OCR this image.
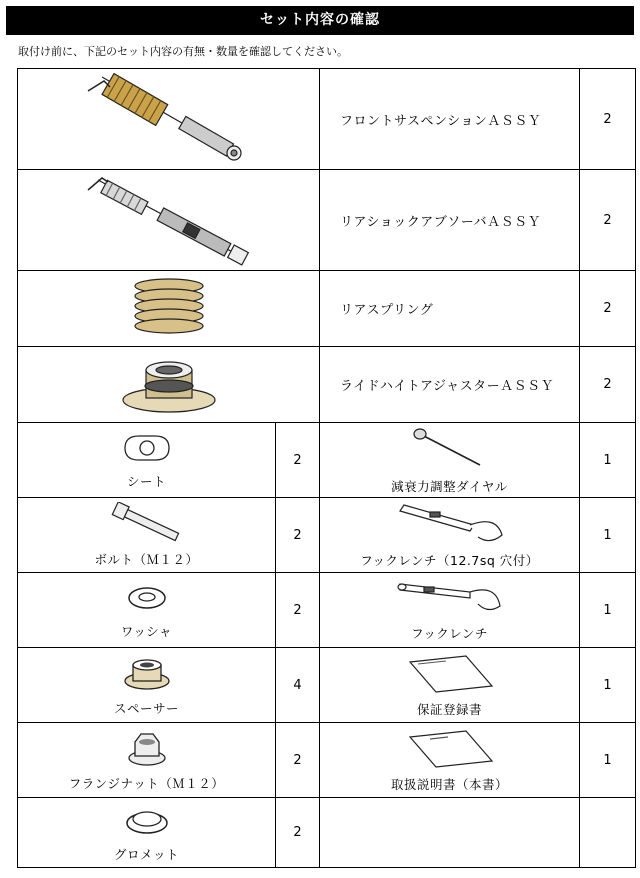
セット内容の確認
取付け前に、下記のセット内容の有無・数量を確認してください。
	フロントサスペンションＡＳＳＹ	2
	リアショックアブソーバＡＳＳＹ	2
	リアスプリング	2
	ライドハイトアジャスターＡＳＳＹ	2

シート	2	減衰力調整ダイヤル	1

ボルト（Ｍ１２）	2	フックレンチ（12.7sq 穴付）	1

ワッシャ	2	フックレンチ	1

スペーサー	4	保証登録書	1

フランジナット（Ｍ１２）	2	取扱説明書（本書）	1

グロメット	2		
